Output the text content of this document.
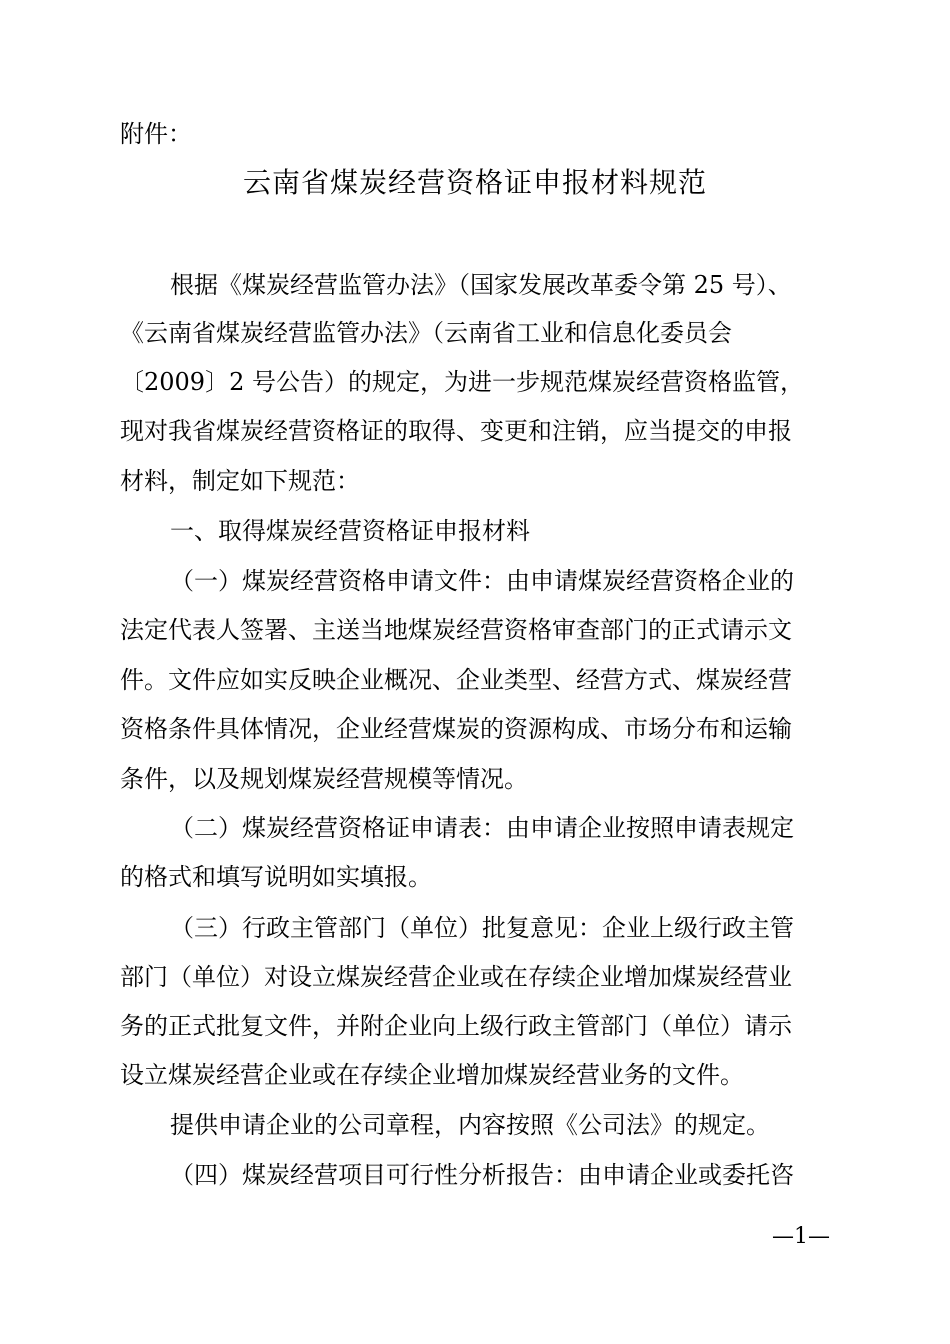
附件：
云南省煤炭经营资格证申报材料规范
根据《煤炭经营监管办法》（国家发展改革委令第 25 号）、
《云南省煤炭经营监管办法》（云南省工业和信息化委员会
〔2009〕2 号公告）的规定，为进一步规范煤炭经营资格监管，
现对我省煤炭经营资格证的取得、变更和注销，应当提交的申报
材料，制定如下规范：
一、取得煤炭经营资格证申报材料
（一）煤炭经营资格申请文件：由申请煤炭经营资格企业的
法定代表人签署、主送当地煤炭经营资格审查部门的正式请示文
件。文件应如实反映企业概况、企业类型、经营方式、煤炭经营
资格条件具体情况，企业经营煤炭的资源构成、市场分布和运输
条件，以及规划煤炭经营规模等情况。
（二）煤炭经营资格证申请表：由申请企业按照申请表规定
的格式和填写说明如实填报。
（三）行政主管部门（单位）批复意见：企业上级行政主管
部门（单位）对设立煤炭经营企业或在存续企业增加煤炭经营业
务的正式批复文件，并附企业向上级行政主管部门（单位）请示
设立煤炭经营企业或在存续企业增加煤炭经营业务的文件。
提供申请企业的公司章程，内容按照《公司法》的规定。
（四）煤炭经营项目可行性分析报告：由申请企业或委托咨
—1—
